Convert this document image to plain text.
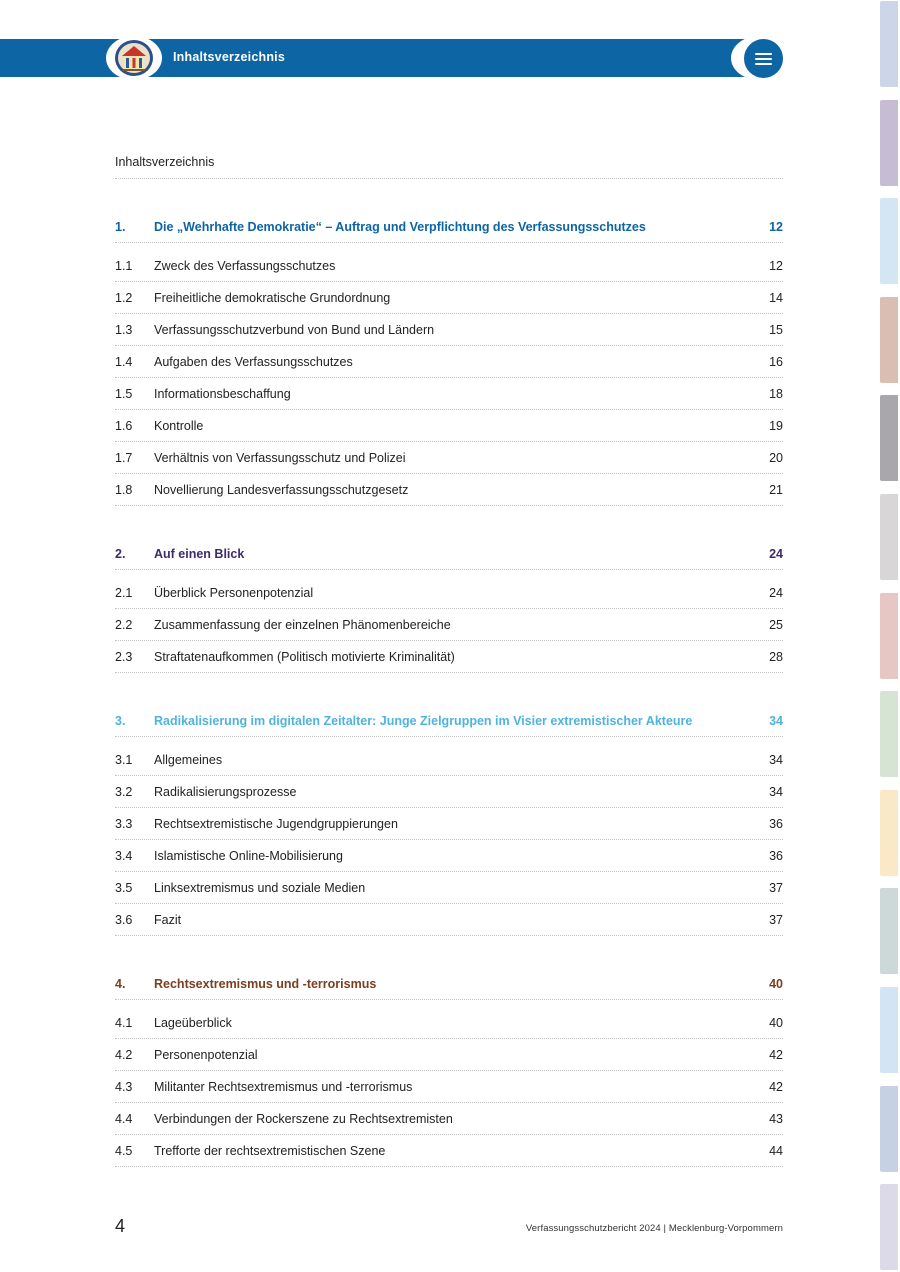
Inhaltsverzeichnis
Inhaltsverzeichnis
1. Die „Wehrhafte Demokratie“ – Auftrag und Verpflichtung des Verfassungsschutzes	12
1.1 Zweck des Verfassungsschutzes	12
1.2 Freiheitliche demokratische Grundordnung	14
1.3 Verfassungsschutzverbund von Bund und Ländern	15
1.4 Aufgaben des Verfassungsschutzes	16
1.5 Informationsbeschaffung	18
1.6 Kontrolle	19
1.7 Verhältnis von Verfassungsschutz und Polizei	20
1.8 Novellierung Landesverfassungsschutzgesetz	21
2. Auf einen Blick	24
2.1 Überblick Personenpotenzial	24
2.2 Zusammenfassung der einzelnen Phänomenbereiche	25
2.3 Straftatenaufkommen (Politisch motivierte Kriminalität)	28
3. Radikalisierung im digitalen Zeitalter: Junge Zielgruppen im Visier extremistischer Akteure	34
3.1 Allgemeines	34
3.2 Radikalisierungsprozesse	34
3.3 Rechtsextremistische Jugendgruppierungen	36
3.4 Islamistische Online-Mobilisierung	36
3.5 Linksextremismus und soziale Medien	37
3.6 Fazit	37
4. Rechtsextremismus und -terrorismus	40
4.1 Lageüberblick	40
4.2 Personenpotenzial	42
4.3 Militanter Rechtsextremismus und -terrorismus	42
4.4 Verbindungen der Rockerszene zu Rechtsextremisten	43
4.5 Trefforte der rechtsextremistischen Szene	44
4	Verfassungsschutzbericht 2024 | Mecklenburg-Vorpommern
